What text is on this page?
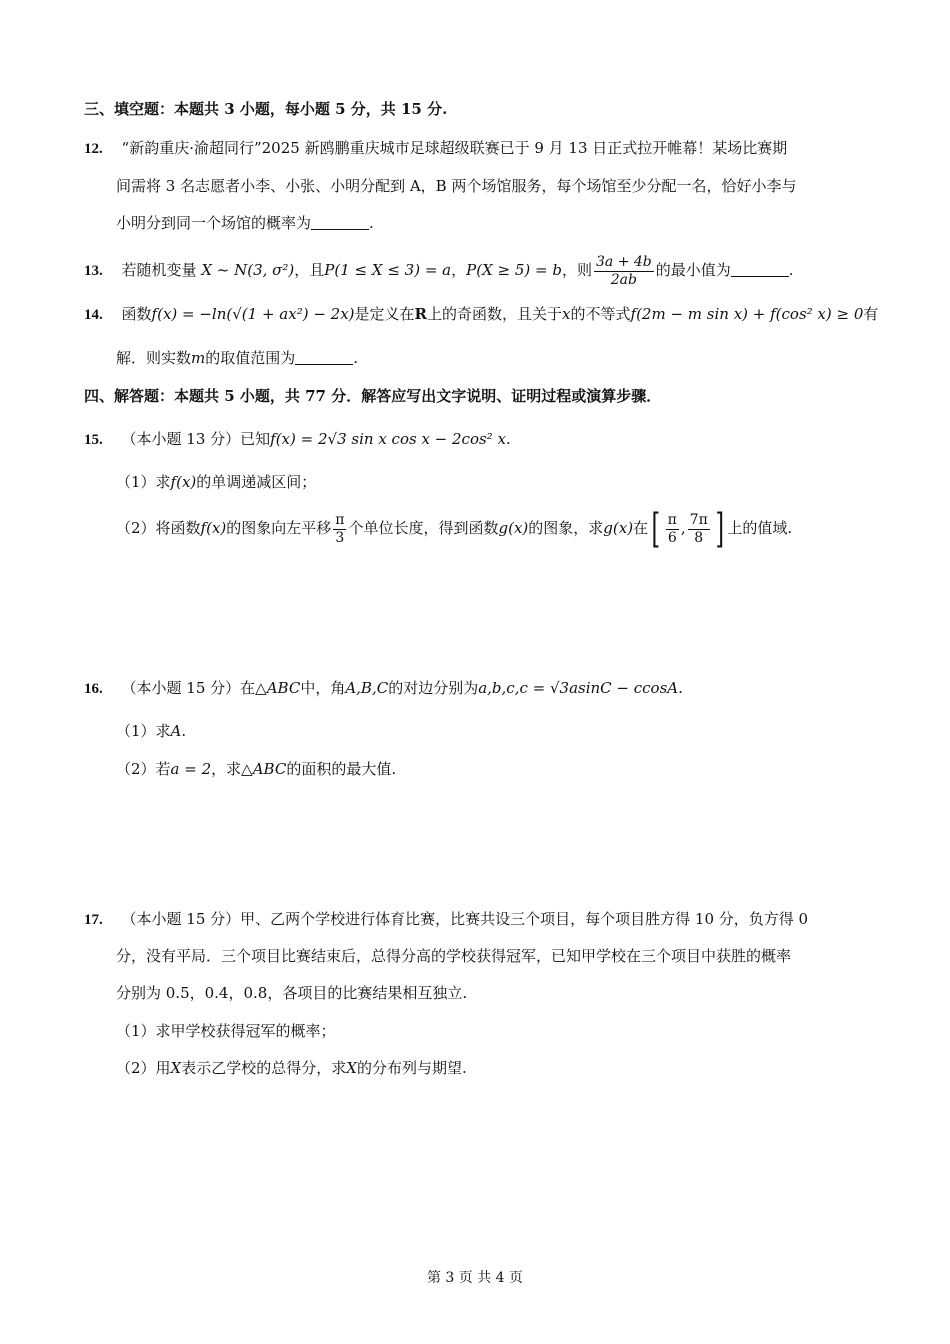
三、填空题：本题共 3 小题，每小题 5 分，共 15 分.
12. “新韵重庆·渝超同行”2025 新鸥鹏重庆城市足球超级联赛已于 9 月 13 日正式拉开帷幕！某场比赛期
间需将 3 名志愿者小李、小张、小明分配到 A，B 两个场馆服务，每个场馆至少分配一名，恰好小李与
小明分到同一个场馆的概率为	.
13. 若随机变量 X ~ N(3, σ²)，且P(1 ≤ X ≤ 3) = a，P(X ≥ 5) = b，则 $\frac{3a + 4b}{2ab}$ 的最小值为	.
14. 函数f(x) = −ln(√(1 + ax²) − 2x)是定义在R上的奇函数，且关于x的不等式f(2m − m sin x) + f(cos² x) ≥ 0有
解．则实数m的取值范围为	.
四、解答题：本题共 5 小题，共 77 分．解答应写出文字说明、证明过程或演算步骤．
15. （本小题 13 分）已知f(x) = 2√3 sin x cos x − 2cos² x.
（1）求f(x)的单调递减区间；
（2）将函数f(x)的图象向左平移 $\frac{\pi}{3}$ 个单位长度，得到函数g(x)的图象，求g(x)在[ $\frac{\pi}{6}$ , $\frac{7\pi}{8}$ ] 上的值域.
16. （本小题 15 分）在△ABC中，角A,B,C的对边分别为a,b,c,c = √3asinC − ccosA.
（1）求A.
（2）若a = 2，求△ABC的面积的最大值.
17. （本小题 15 分）甲、乙两个学校进行体育比赛，比赛共设三个项目，每个项目胜方得 10 分，负方得 0
分，没有平局．三个项目比赛结束后，总得分高的学校获得冠军，已知甲学校在三个项目中获胜的概率
分别为 0.5，0.4，0.8，各项目的比赛结果相互独立.
（1）求甲学校获得冠军的概率；
（2）用X表示乙学校的总得分，求X的分布列与期望.
第 3 页 共 4 页
